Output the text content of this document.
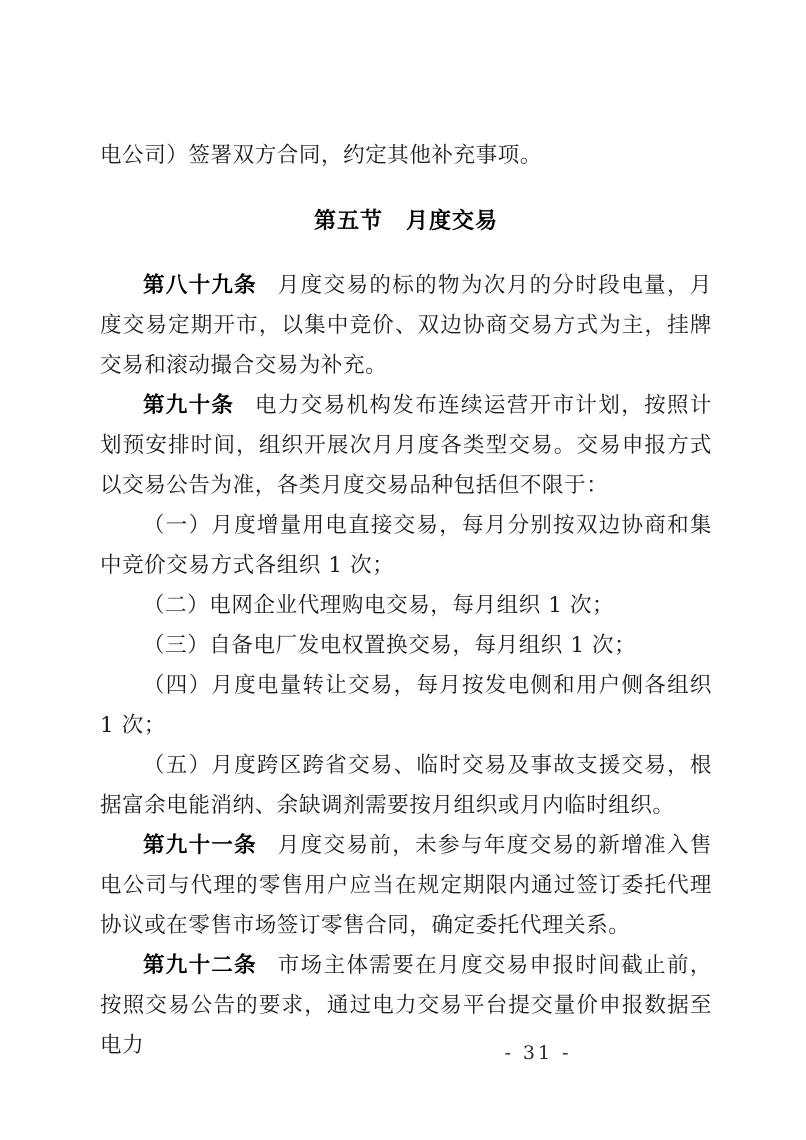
电公司）签署双方合同，约定其他补充事项。

第五节　月度交易

第八十九条 月度交易的标的物为次月的分时段电量，月度交易定期开市，以集中竞价、双边协商交易方式为主，挂牌交易和滚动撮合交易为补充。

第九十条 电力交易机构发布连续运营开市计划，按照计划预安排时间，组织开展次月月度各类型交易。交易申报方式以交易公告为准，各类月度交易品种包括但不限于：

（一）月度增量用电直接交易，每月分别按双边协商和集中竞价交易方式各组织 1 次；

（二）电网企业代理购电交易，每月组织 1 次；

（三）自备电厂发电权置换交易，每月组织 1 次；

（四）月度电量转让交易，每月按发电侧和用户侧各组织 1 次；

（五）月度跨区跨省交易、临时交易及事故支援交易，根据富余电能消纳、余缺调剂需要按月组织或月内临时组织。

第九十一条 月度交易前，未参与年度交易的新增准入售电公司与代理的零售用户应当在规定期限内通过签订委托代理协议或在零售市场签订零售合同，确定委托代理关系。

第九十二条 市场主体需要在月度交易申报时间截止前，按照交易公告的要求，通过电力交易平台提交量价申报数据至电力	- 31 -
